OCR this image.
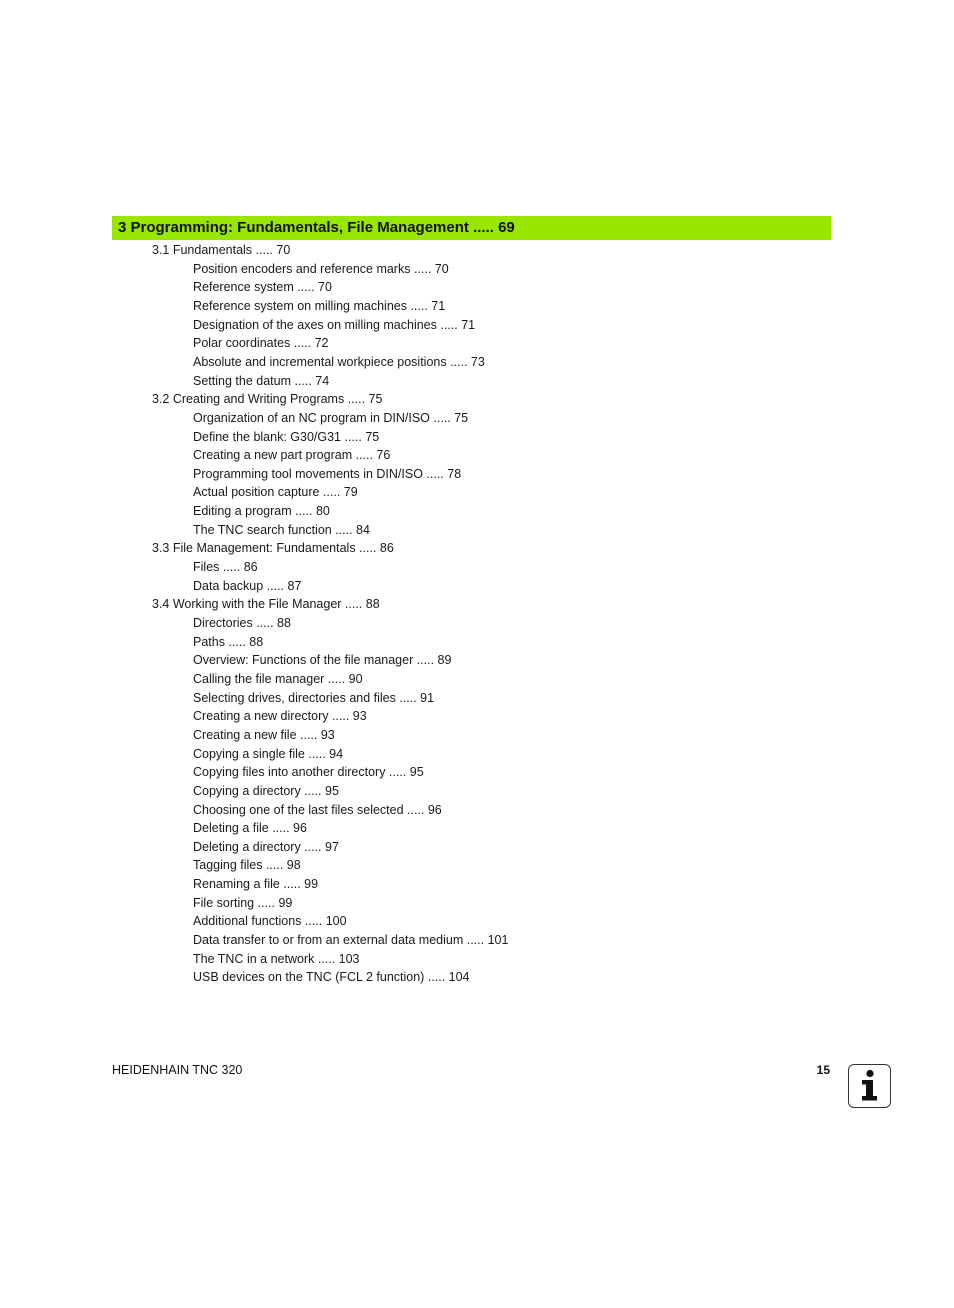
3 Programming: Fundamentals, File Management ..... 69
3.1 Fundamentals ..... 70
Position encoders and reference marks ..... 70
Reference system ..... 70
Reference system on milling machines ..... 71
Designation of the axes on milling machines ..... 71
Polar coordinates ..... 72
Absolute and incremental workpiece positions ..... 73
Setting the datum ..... 74
3.2 Creating and Writing Programs ..... 75
Organization of an NC program in DIN/ISO ..... 75
Define the blank: G30/G31 ..... 75
Creating a new part program ..... 76
Programming tool movements in DIN/ISO ..... 78
Actual position capture ..... 79
Editing a program ..... 80
The TNC search function ..... 84
3.3 File Management: Fundamentals ..... 86
Files ..... 86
Data backup ..... 87
3.4 Working with the File Manager ..... 88
Directories ..... 88
Paths ..... 88
Overview: Functions of the file manager ..... 89
Calling the file manager ..... 90
Selecting drives, directories and files ..... 91
Creating a new directory ..... 93
Creating a new file ..... 93
Copying a single file ..... 94
Copying files into another directory ..... 95
Copying a directory ..... 95
Choosing one of the last files selected ..... 96
Deleting a file ..... 96
Deleting a directory ..... 97
Tagging files ..... 98
Renaming a file ..... 99
File sorting ..... 99
Additional functions ..... 100
Data transfer to or from an external data medium ..... 101
The TNC in a network ..... 103
USB devices on the TNC (FCL 2 function) ..... 104
HEIDENHAIN TNC 320	15
